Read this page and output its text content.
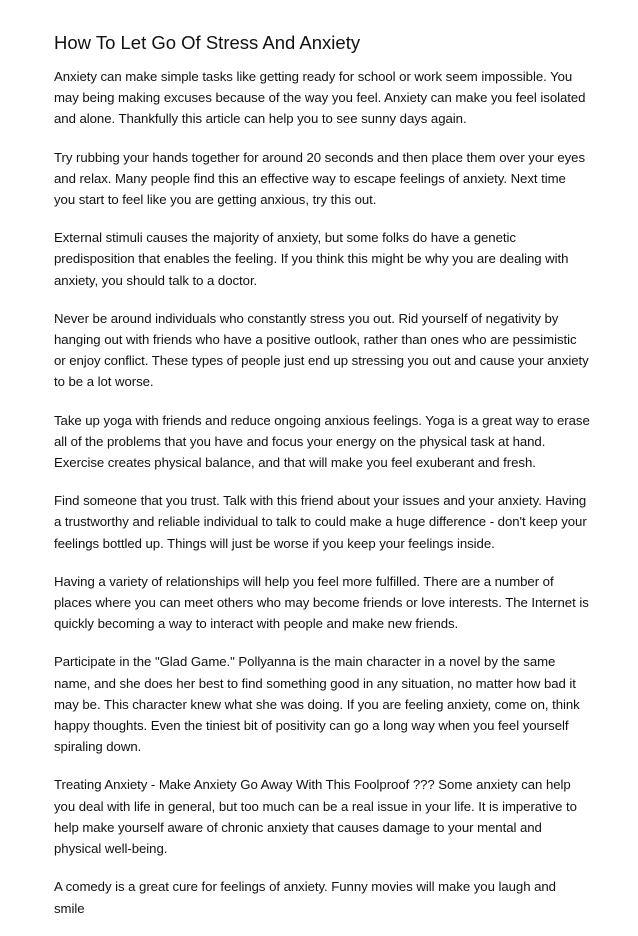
How To Let Go Of Stress And Anxiety

Anxiety can make simple tasks like getting ready for school or work seem impossible. You may being making excuses because of the way you feel. Anxiety can make you feel isolated and alone. Thankfully this article can help you to see sunny days again.

Try rubbing your hands together for around 20 seconds and then place them over your eyes and relax. Many people find this an effective way to escape feelings of anxiety. Next time you start to feel like you are getting anxious, try this out.

External stimuli causes the majority of anxiety, but some folks do have a genetic predisposition that enables the feeling. If you think this might be why you are dealing with anxiety, you should talk to a doctor.

Never be around individuals who constantly stress you out. Rid yourself of negativity by hanging out with friends who have a positive outlook, rather than ones who are pessimistic or enjoy conflict. These types of people just end up stressing you out and cause your anxiety to be a lot worse.

Take up yoga with friends and reduce ongoing anxious feelings. Yoga is a great way to erase all of the problems that you have and focus your energy on the physical task at hand. Exercise creates physical balance, and that will make you feel exuberant and fresh.

Find someone that you trust. Talk with this friend about your issues and your anxiety. Having a trustworthy and reliable individual to talk to could make a huge difference - don't keep your feelings bottled up. Things will just be worse if you keep your feelings inside.

Having a variety of relationships will help you feel more fulfilled. There are a number of places where you can meet others who may become friends or love interests. The Internet is quickly becoming a way to interact with people and make new friends.

Participate in the "Glad Game." Pollyanna is the main character in a novel by the same name, and she does her best to find something good in any situation, no matter how bad it may be. This character knew what she was doing. If you are feeling anxiety, come on, think happy thoughts. Even the tiniest bit of positivity can go a long way when you feel yourself spiraling down.

Treating Anxiety - Make Anxiety Go Away With This Foolproof ??? Some anxiety can help you deal with life in general, but too much can be a real issue in your life. It is imperative to help make yourself aware of chronic anxiety that causes damage to your mental and physical well-being.

A comedy is a great cure for feelings of anxiety. Funny movies will make you laugh and smile
